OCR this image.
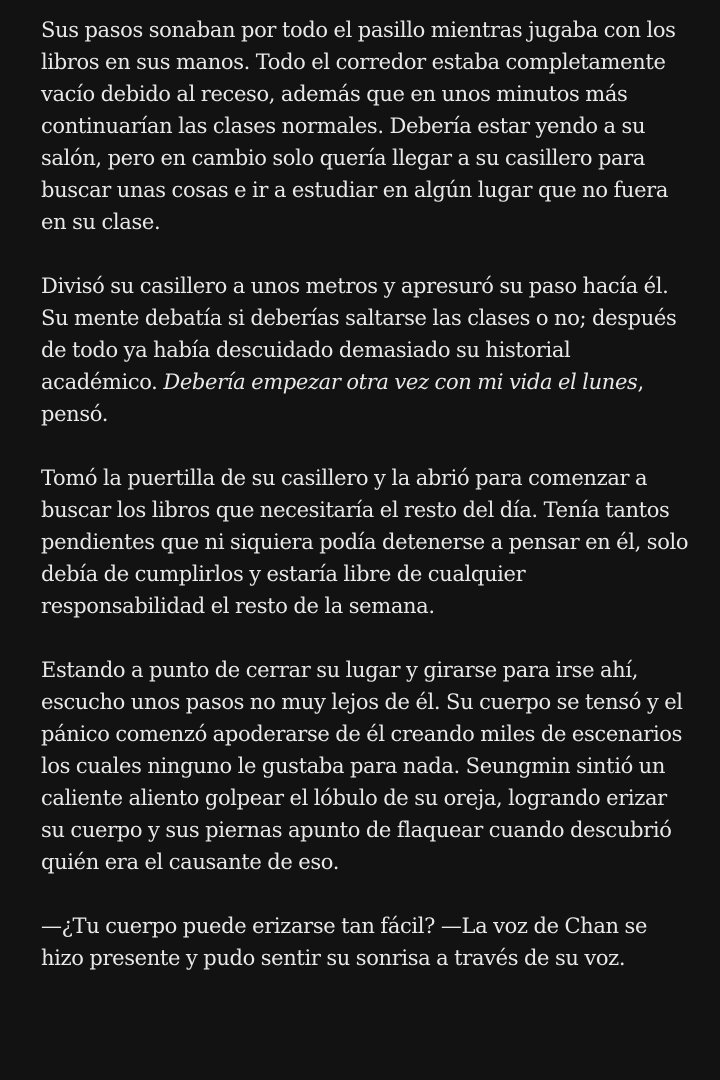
Sus pasos sonaban por todo el pasillo mientras jugaba con los libros en sus manos. Todo el corredor estaba completamente vacío debido al receso, además que en unos minutos más continuarían las clases normales. Debería estar yendo a su salón, pero en cambio solo quería llegar a su casillero para buscar unas cosas e ir a estudiar en algún lugar que no fuera en su clase.

Divisó su casillero a unos metros y apresuró su paso hacía él. Su mente debatía si deberías saltarse las clases o no; después de todo ya había descuidado demasiado su historial académico. Debería empezar otra vez con mi vida el lunes, pensó.

Tomó la puertilla de su casillero y la abrió para comenzar a buscar los libros que necesitaría el resto del día. Tenía tantos pendientes que ni siquiera podía detenerse a pensar en él, solo debía de cumplirlos y estaría libre de cualquier responsabilidad el resto de la semana.

Estando a punto de cerrar su lugar y girarse para irse ahí, escucho unos pasos no muy lejos de él. Su cuerpo se tensó y el pánico comenzó apoderarse de él creando miles de escenarios los cuales ninguno le gustaba para nada. Seungmin sintió un caliente aliento golpear el lóbulo de su oreja, logrando erizar su cuerpo y sus piernas apunto de flaquear cuando descubrió quién era el causante de eso.

—¿Tu cuerpo puede erizarse tan fácil? —La voz de Chan se hizo presente y pudo sentir su sonrisa a través de su voz.
